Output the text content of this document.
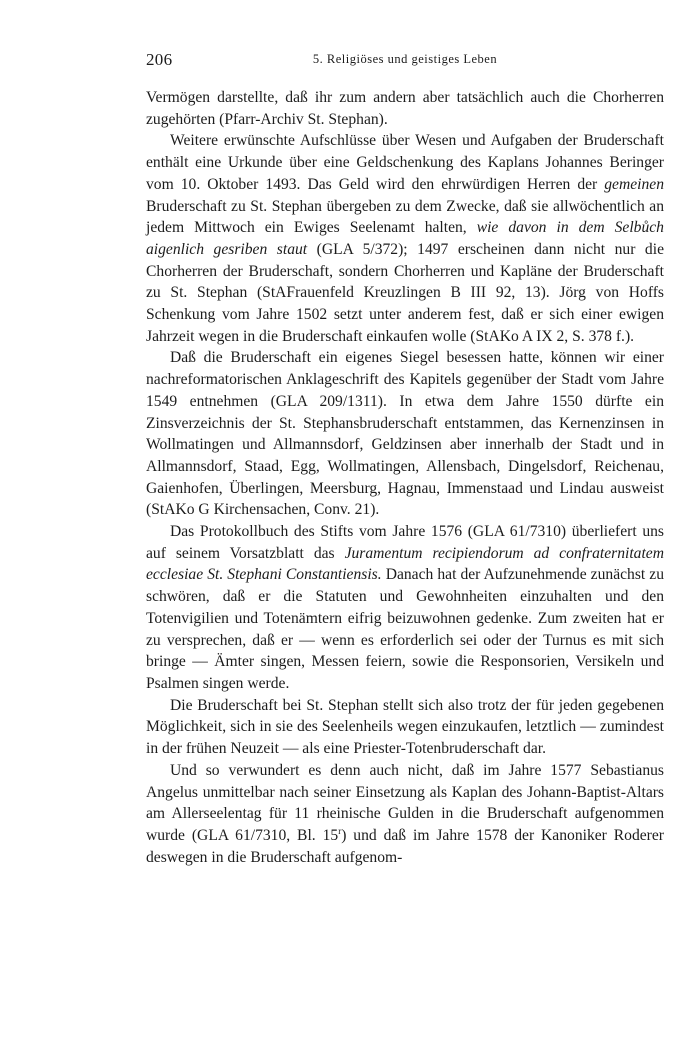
206	5. Religiöses und geistiges Leben

Vermögen darstellte, daß ihr zum andern aber tatsächlich auch die Chorherren zugehörten (Pfarr-Archiv St. Stephan).

Weitere erwünschte Aufschlüsse über Wesen und Aufgaben der Bruderschaft enthält eine Urkunde über eine Geldschenkung des Kaplans Johannes Beringer vom 10. Oktober 1493. Das Geld wird den ehrwürdigen Herren der gemeinen Bruderschaft zu St. Stephan übergeben zu dem Zwecke, daß sie allwöchentlich an jedem Mittwoch ein Ewiges Seelenamt halten, wie davon in dem Selbůch aigenlich gesriben staut (GLA 5/372); 1497 erscheinen dann nicht nur die Chorherren der Bruderschaft, sondern Chorherren und Kapläne der Bruderschaft zu St. Stephan (StAFrauenfeld Kreuzlingen B III 92, 13). Jörg von Hoffs Schenkung vom Jahre 1502 setzt unter anderem fest, daß er sich einer ewigen Jahrzeit wegen in die Bruderschaft einkaufen wolle (StAKo A IX 2, S. 378 f.).

Daß die Bruderschaft ein eigenes Siegel besessen hatte, können wir einer nachreformatorischen Anklageschrift des Kapitels gegenüber der Stadt vom Jahre 1549 entnehmen (GLA 209/1311). In etwa dem Jahre 1550 dürfte ein Zinsverzeichnis der St. Stephansbruderschaft entstammen, das Kernenzinsen in Wollmatingen und Allmannsdorf, Geldzinsen aber innerhalb der Stadt und in Allmannsdorf, Staad, Egg, Wollmatingen, Allensbach, Dingelsdorf, Reichenau, Gaienhofen, Überlingen, Meersburg, Hagnau, Immenstaad und Lindau ausweist (StAKo G Kirchensachen, Conv. 21).

Das Protokollbuch des Stifts vom Jahre 1576 (GLA 61/7310) überliefert uns auf seinem Vorsatzblatt das Juramentum recipiendorum ad confraternitatem ecclesiae St. Stephani Constantiensis. Danach hat der Aufzunehmende zunächst zu schwören, daß er die Statuten und Gewohnheiten einzuhalten und den Totenvigilien und Totenämtern eifrig beizuwohnen gedenke. Zum zweiten hat er zu versprechen, daß er — wenn es erforderlich sei oder der Turnus es mit sich bringe — Ämter singen, Messen feiern, sowie die Responsorien, Versikeln und Psalmen singen werde.

Die Bruderschaft bei St. Stephan stellt sich also trotz der für jeden gegebenen Möglichkeit, sich in sie des Seelenheils wegen einzukaufen, letztlich — zumindest in der frühen Neuzeit — als eine Priester-Totenbruderschaft dar.

Und so verwundert es denn auch nicht, daß im Jahre 1577 Sebastianus Angelus unmittelbar nach seiner Einsetzung als Kaplan des Johann-Baptist-Altars am Allerseelentag für 11 rheinische Gulden in die Bruderschaft aufgenommen wurde (GLA 61/7310, Bl. 15$^r$) und daß im Jahre 1578 der Kanoniker Roderer deswegen in die Bruderschaft aufgenom-
